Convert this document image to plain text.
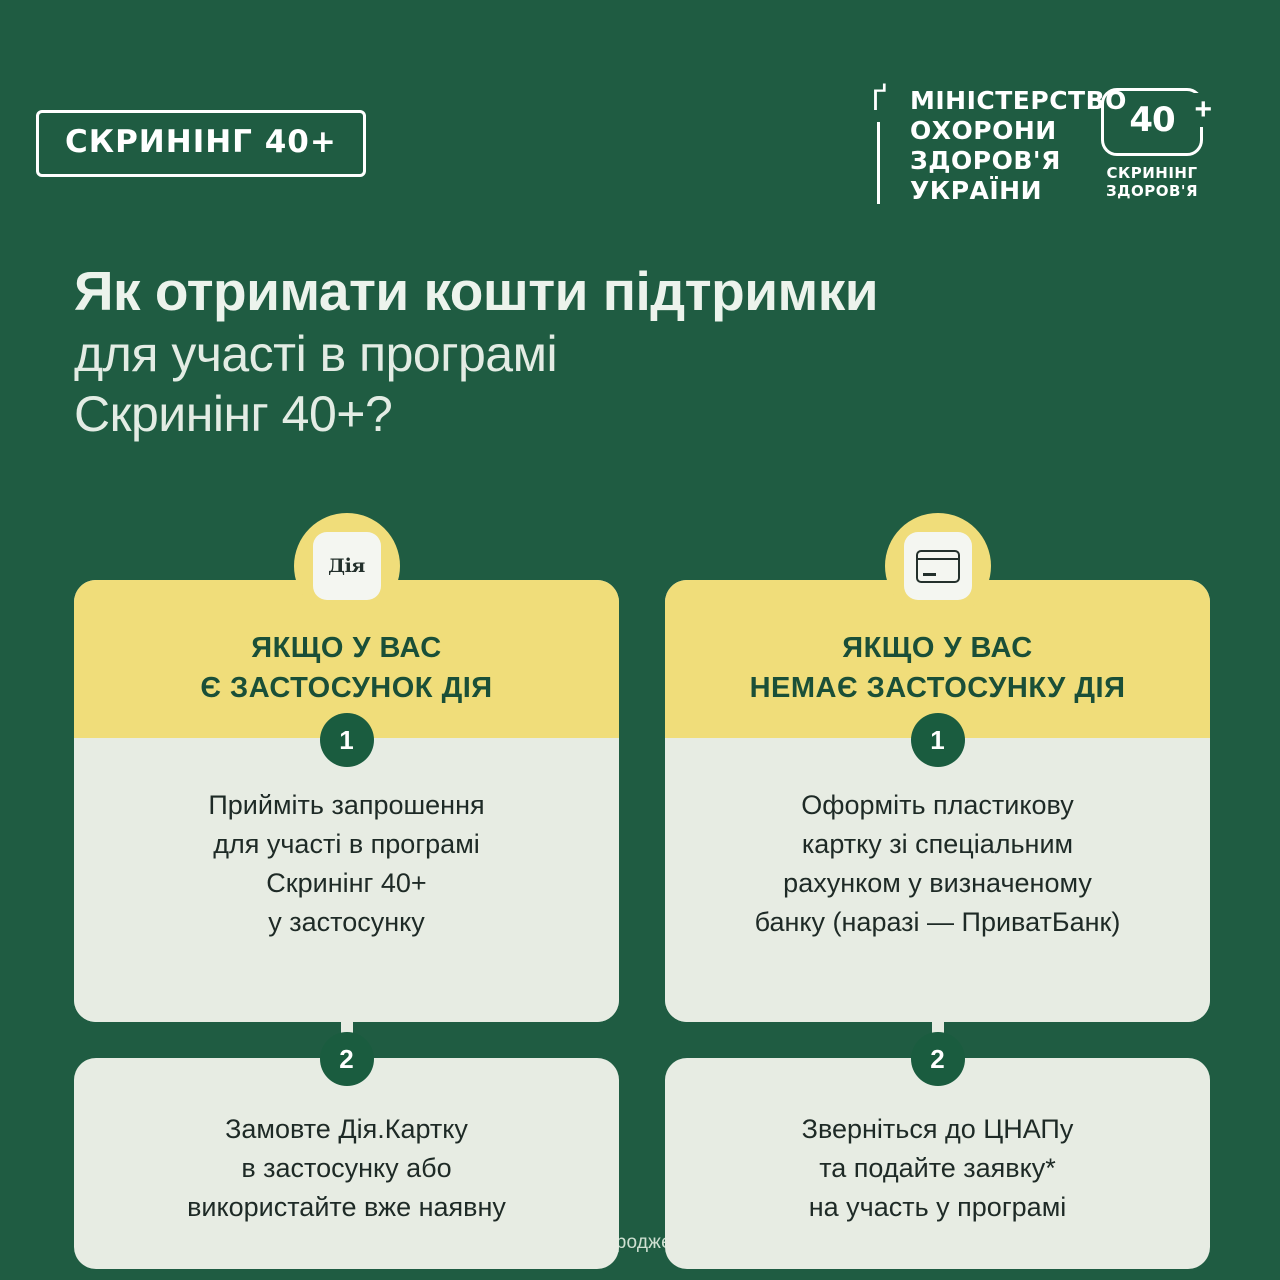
СКРИНІНГ 40+
Ґ МІНІСТЕРСТВО
ОХОРОНИ
ЗДОРОВ'Я
УКРАЇНИ
40 +
СКРИНІНГ
ЗДОРОВ'Я
Як отримати кошти підтримки
для участі в програмі
Скринінг 40+?
Дія
ЯКЩО У ВАС
Є ЗАСТОСУНОК ДІЯ
Прийміть запрошення
для участі в програмі
Скринінг 40+
у застосунку
1
Замовте Дія.Картку
в застосунку або
використайте вже наявну
2
ЯКЩО У ВАС
НЕМАЄ ЗАСТОСУНКУ ДІЯ
Оформіть пластикову
картку зі спеціальним
рахунком у визначеному
банку (наразі — ПриватБанк)
1
Зверніться до ЦНАПу
та подайте заявку*
на участь у програмі
2
народження
